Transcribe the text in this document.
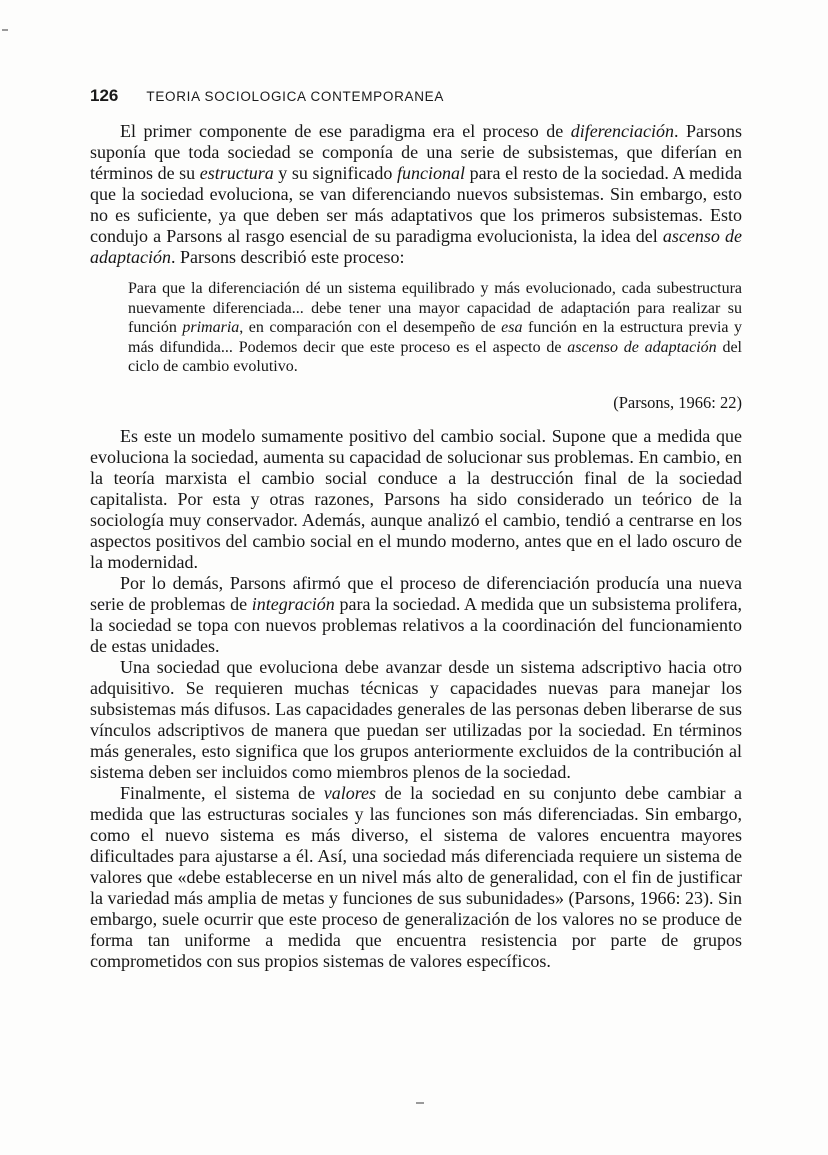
126 TEORIA SOCIOLOGICA CONTEMPORANEA

El primer componente de ese paradigma era el proceso de diferenciación. Parsons suponía que toda sociedad se componía de una serie de subsistemas, que diferían en términos de su estructura y su significado funcional para el resto de la sociedad. A medida que la sociedad evoluciona, se van diferenciando nuevos subsistemas. Sin embargo, esto no es suficiente, ya que deben ser más adaptativos que los primeros subsistemas. Esto condujo a Parsons al rasgo esencial de su paradigma evolucionista, la idea del ascenso de adaptación. Parsons describió este proceso:

Para que la diferenciación dé un sistema equilibrado y más evolucionado, cada subestructura nuevamente diferenciada... debe tener una mayor capacidad de adaptación para realizar su función primaria, en comparación con el desempeño de esa función en la estructura previa y más difundida... Podemos decir que este proceso es el aspecto de ascenso de adaptación del ciclo de cambio evolutivo.

(Parsons, 1966: 22)

Es este un modelo sumamente positivo del cambio social. Supone que a medida que evoluciona la sociedad, aumenta su capacidad de solucionar sus problemas. En cambio, en la teoría marxista el cambio social conduce a la destrucción final de la sociedad capitalista. Por esta y otras razones, Parsons ha sido considerado un teórico de la sociología muy conservador. Además, aunque analizó el cambio, tendió a centrarse en los aspectos positivos del cambio social en el mundo moderno, antes que en el lado oscuro de la modernidad.

Por lo demás, Parsons afirmó que el proceso de diferenciación producía una nueva serie de problemas de integración para la sociedad. A medida que un subsistema prolifera, la sociedad se topa con nuevos problemas relativos a la coordinación del funcionamiento de estas unidades.

Una sociedad que evoluciona debe avanzar desde un sistema adscriptivo hacia otro adquisitivo. Se requieren muchas técnicas y capacidades nuevas para manejar los subsistemas más difusos. Las capacidades generales de las personas deben liberarse de sus vínculos adscriptivos de manera que puedan ser utilizadas por la sociedad. En términos más generales, esto significa que los grupos anteriormente excluidos de la contribución al sistema deben ser incluidos como miembros plenos de la sociedad.

Finalmente, el sistema de valores de la sociedad en su conjunto debe cambiar a medida que las estructuras sociales y las funciones son más diferenciadas. Sin embargo, como el nuevo sistema es más diverso, el sistema de valores encuentra mayores dificultades para ajustarse a él. Así, una sociedad más diferenciada requiere un sistema de valores que «debe establecerse en un nivel más alto de generalidad, con el fin de justificar la variedad más amplia de metas y funciones de sus subunidades» (Parsons, 1966: 23). Sin embargo, suele ocurrir que este proceso de generalización de los valores no se produce de forma tan uniforme a medida que encuentra resistencia por parte de grupos comprometidos con sus propios sistemas de valores específicos.
